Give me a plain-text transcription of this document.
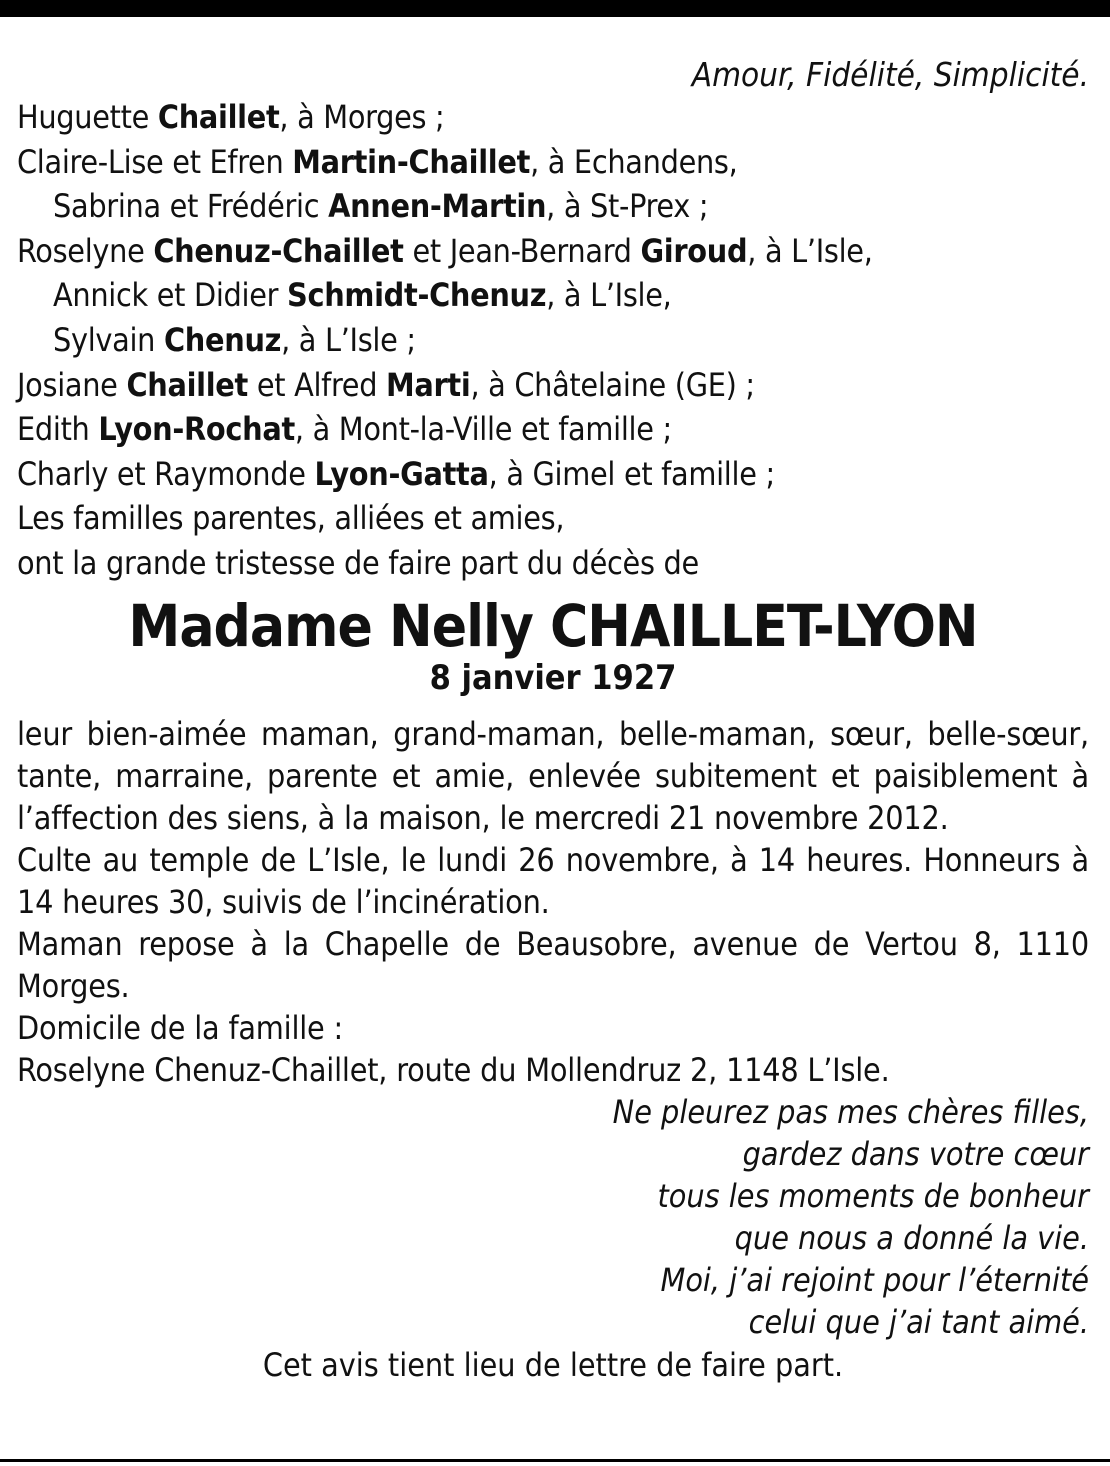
Amour, Fidélité, Simplicité.
Huguette Chaillet, à Morges ;
Claire-Lise et Efren Martin-Chaillet, à Echandens,
Sabrina et Frédéric Annen-Martin, à St-Prex ;
Roselyne Chenuz-Chaillet et Jean-Bernard Giroud, à L’Isle,
Annick et Didier Schmidt-Chenuz, à L’Isle,
Sylvain Chenuz, à L’Isle ;
Josiane Chaillet et Alfred Marti, à Châtelaine (GE) ;
Edith Lyon-Rochat, à Mont-la-Ville et famille ;
Charly et Raymonde Lyon-Gatta, à Gimel et famille ;
Les familles parentes, alliées et amies,
ont la grande tristesse de faire part du décès de
Madame Nelly CHAILLET-LYON
8 janvier 1927
leur bien-aimée maman, grand-maman, belle-maman, sœur, belle-sœur, tante, marraine, parente et amie, enlevée subitement et paisiblement à l’affection des siens, à la maison, le mercredi 21 novembre 2012.
Culte au temple de L’Isle, le lundi 26 novembre, à 14 heures. Honneurs à 14 heures 30, suivis de l’incinération.
Maman repose à la Chapelle de Beausobre, avenue de Vertou 8, 1110 Morges.
Domicile de la famille :
Roselyne Chenuz-Chaillet, route du Mollendruz 2, 1148 L’Isle.
Ne pleurez pas mes chères filles,
gardez dans votre cœur
tous les moments de bonheur
que nous a donné la vie.
Moi, j’ai rejoint pour l’éternité
celui que j’ai tant aimé.
Cet avis tient lieu de lettre de faire part.
